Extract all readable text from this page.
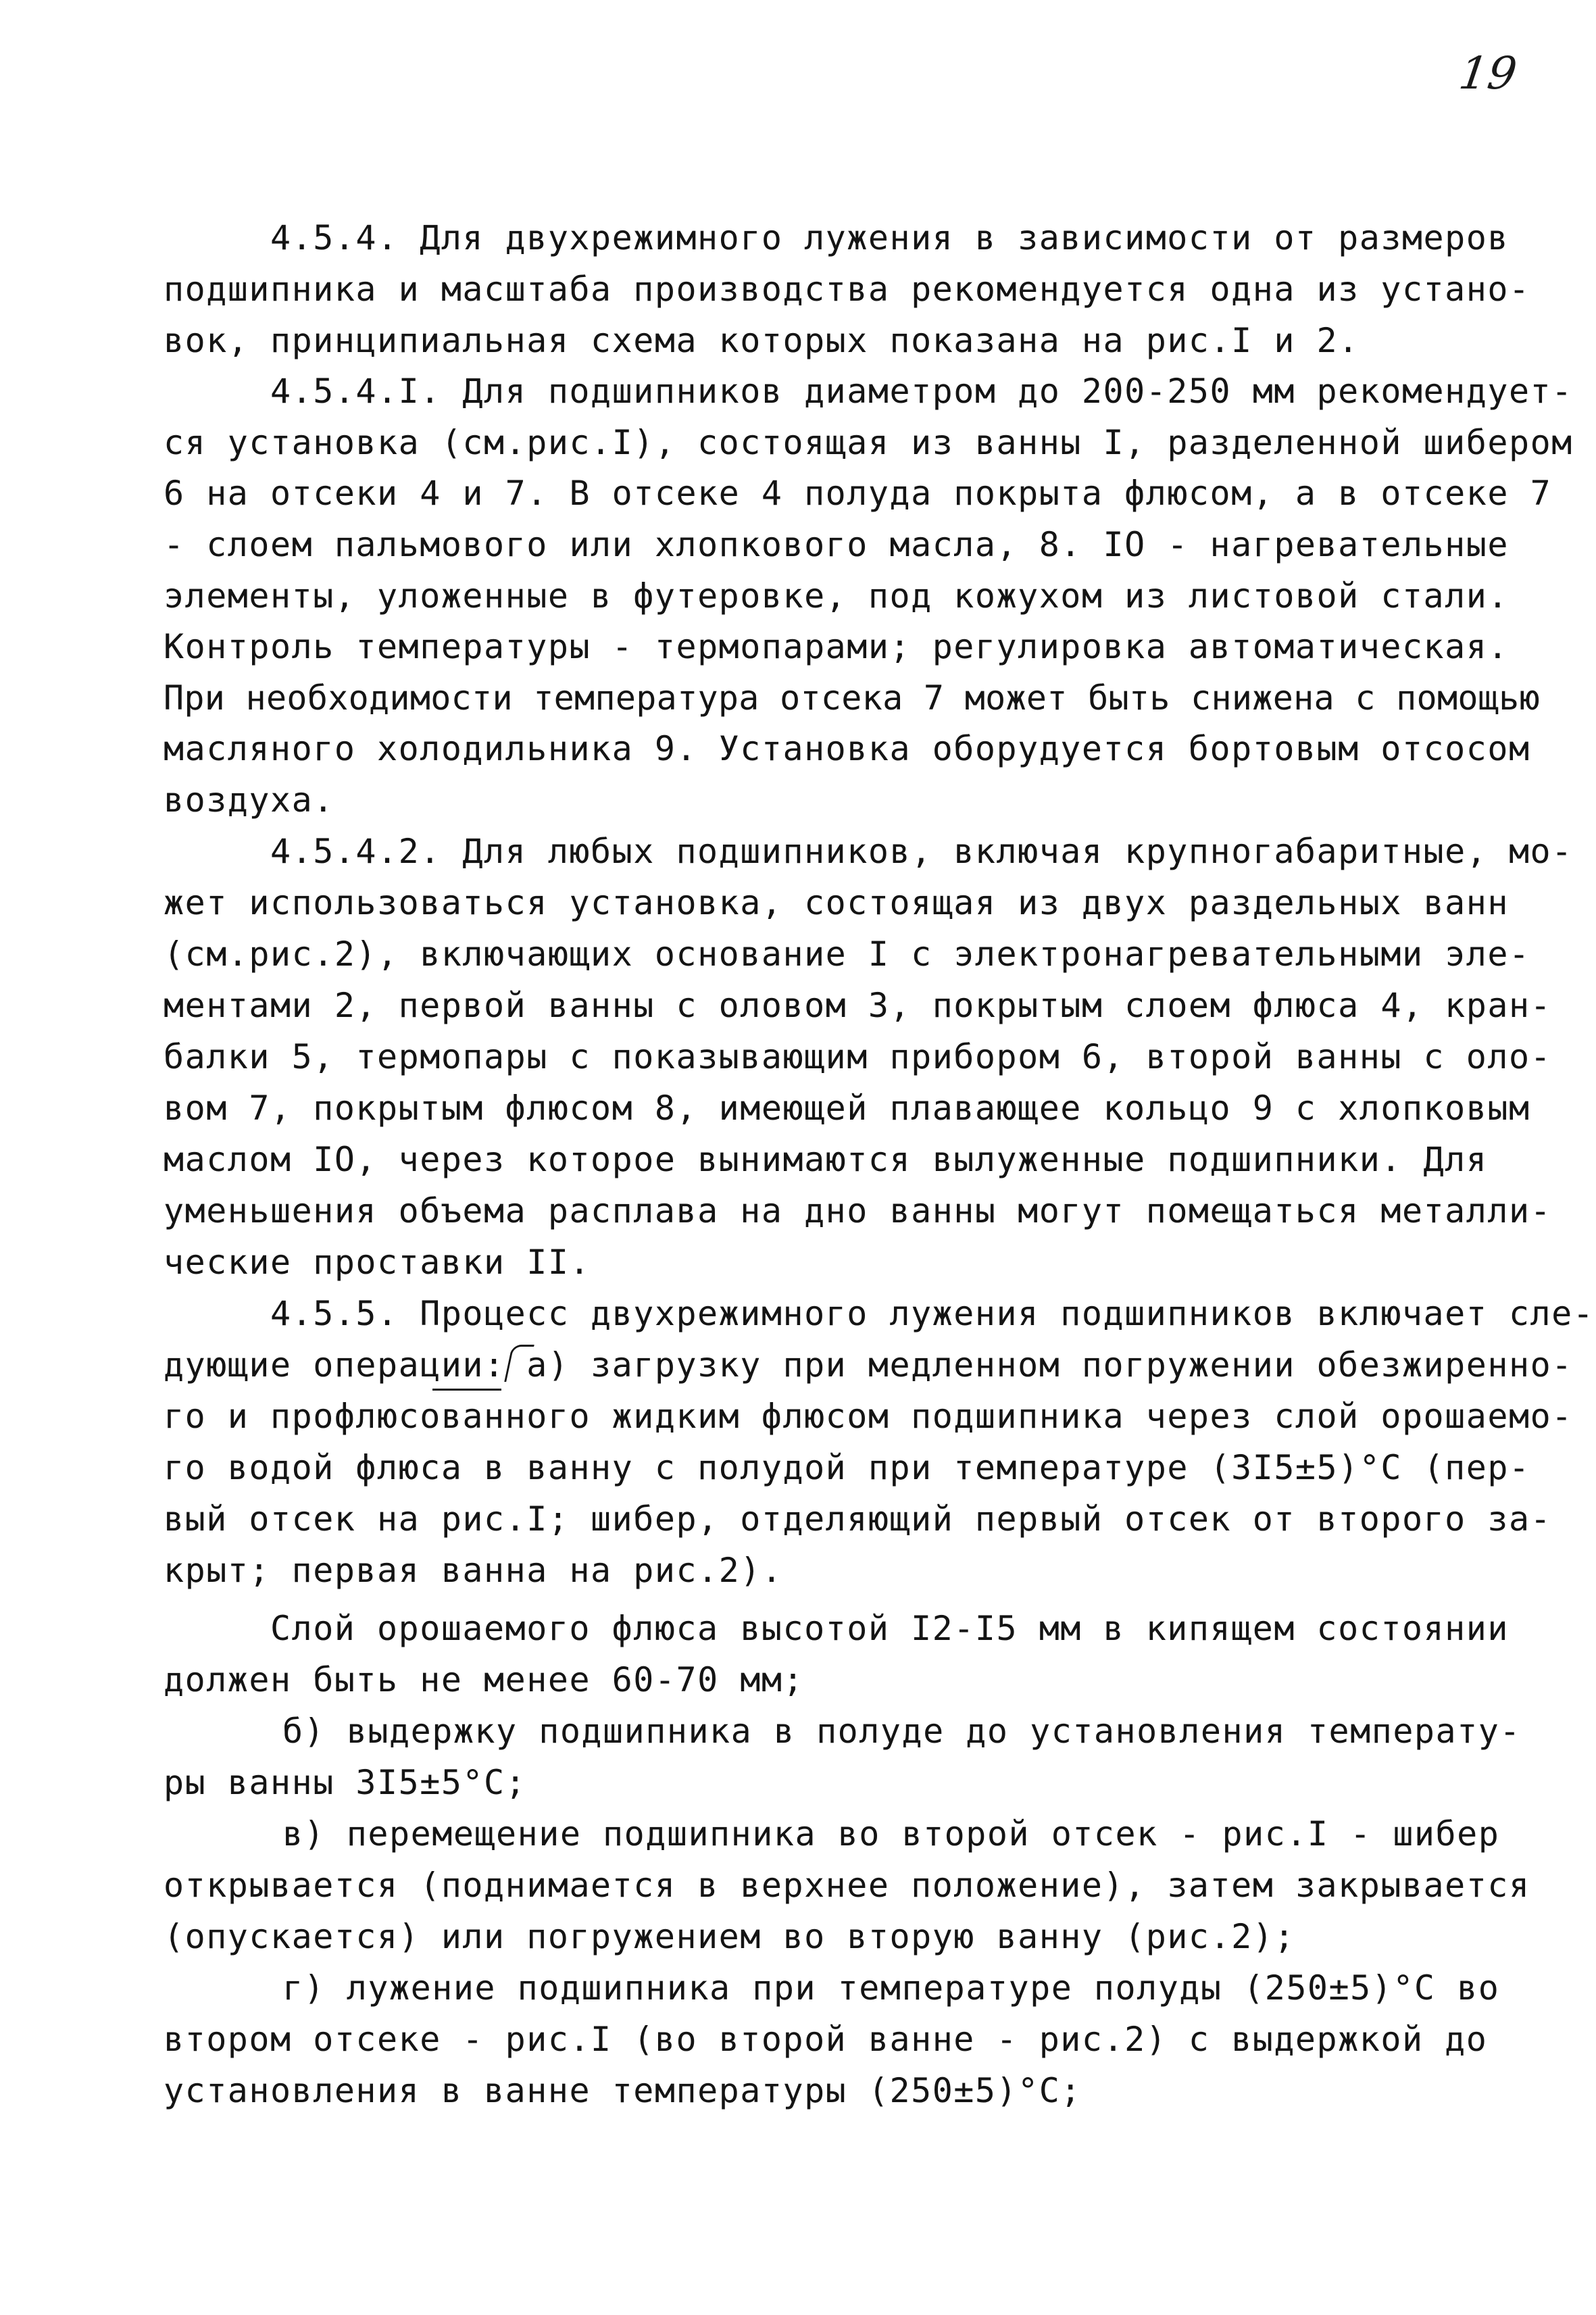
19
4.5.4. Для двухрежимного лужения в зависимости от размеров
подшипника и масштаба производства рекомендуется одна из устано-
вок, принципиальная схема которых показана на рис.I и 2.
4.5.4.I. Для подшипников диаметром до 200-250 мм рекомендует-
ся установка (см.рис.I), состоящая из ванны I, разделенной шибером
6 на отсеки 4 и 7. В отсеке 4 полуда покрыта флюсом, а в отсеке 7
- слоем пальмового или хлопкового масла, 8. IO - нагревательные
элементы, уложенные в футеровке, под кожухом из листовой стали.
Контроль температуры - термопарами; регулировка автоматическая.
При необходимости температура отсека 7 может быть снижена с помощью
масляного холодильника 9. Установка оборудуется бортовым отсосом
воздуха.
4.5.4.2. Для любых подшипников, включая крупногабаритные, мо-
жет использоваться установка, состоящая из двух раздельных ванн
(см.рис.2), включающих основание I с электронагревательными эле-
ментами 2, первой ванны с оловом 3, покрытым слоем флюса 4, кран-
балки 5, термопары с показывающим прибором 6, второй ванны с оло-
вом 7, покрытым флюсом 8, имеющей плавающее кольцо 9 с хлопковым
маслом IO, через которое вынимаются вылуженные подшипники. Для
уменьшения объема расплава на дно ванны могут помещаться металли-
ческие проставки II.
4.5.5. Процесс двухрежимного лужения подшипников включает сле-
дующие операции: а) загрузку при медленном погружении обезжиренно-
го и профлюсованного жидким флюсом подшипника через слой орошаемо-
го водой флюса в ванну с полудой при температуре (3I5±5)°С (пер-
вый отсек на рис.I; шибер, отделяющий первый отсек от второго за-
крыт; первая ванна на рис.2).
Слой орошаемого флюса высотой I2-I5 мм в кипящем состоянии
должен быть не менее 60-70 мм;
б) выдержку подшипника в полуде до установления температу-
ры ванны 3I5±5°С;
в) перемещение подшипника во второй отсек - рис.I - шибер
открывается (поднимается в верхнее положение), затем закрывается
(опускается) или погружением во вторую ванну (рис.2);
г) лужение подшипника при температуре полуды (250±5)°С во
втором отсеке - рис.I (во второй ванне - рис.2) с выдержкой до
установления в ванне температуры (250±5)°С;
